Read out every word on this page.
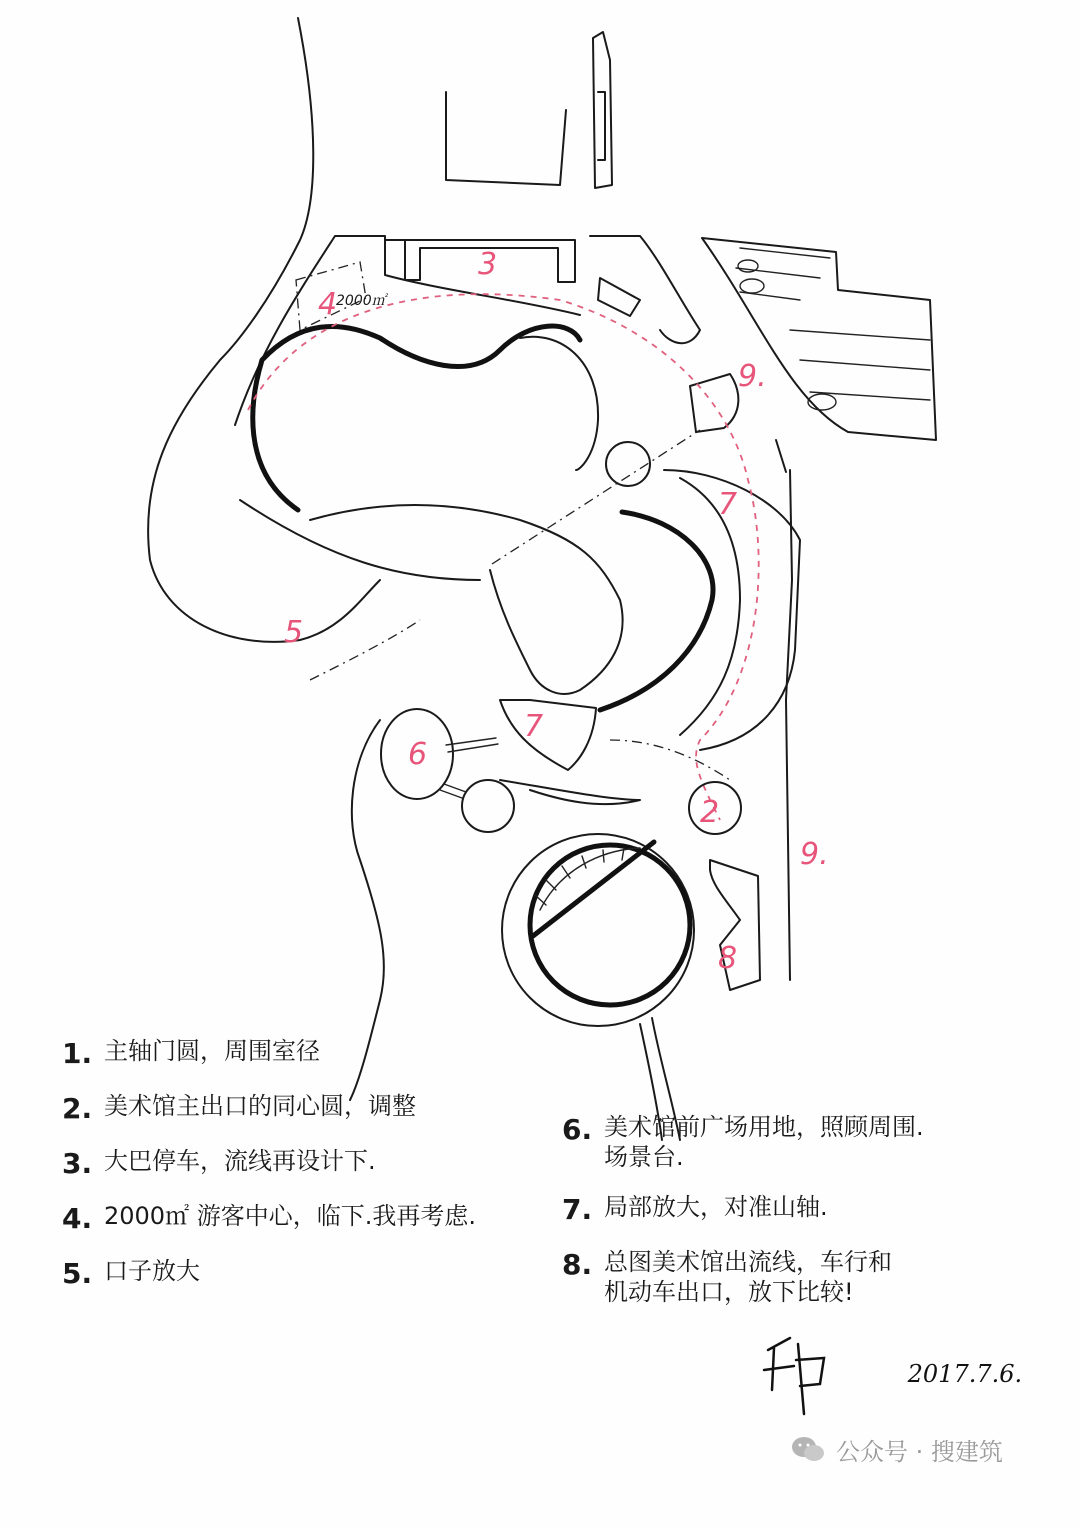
3
4
2000㎡
5
6
7
7
9.
9.
2
8
1. 主轴门圆，周围室径
2. 美术馆主出口的同心圆，调整
3. 大巴停车，流线再设计下.
4. 2000㎡ 游客中心，临下.我再考虑.
5. 口子放大
6. 美术馆前广场用地，照顾周围.
场景台.
7. 局部放大，对准山轴.
8. 总图美术馆出流线，车行和
机动车出口，放下比较!
2017.7.6.
公众号 · 搜建筑
